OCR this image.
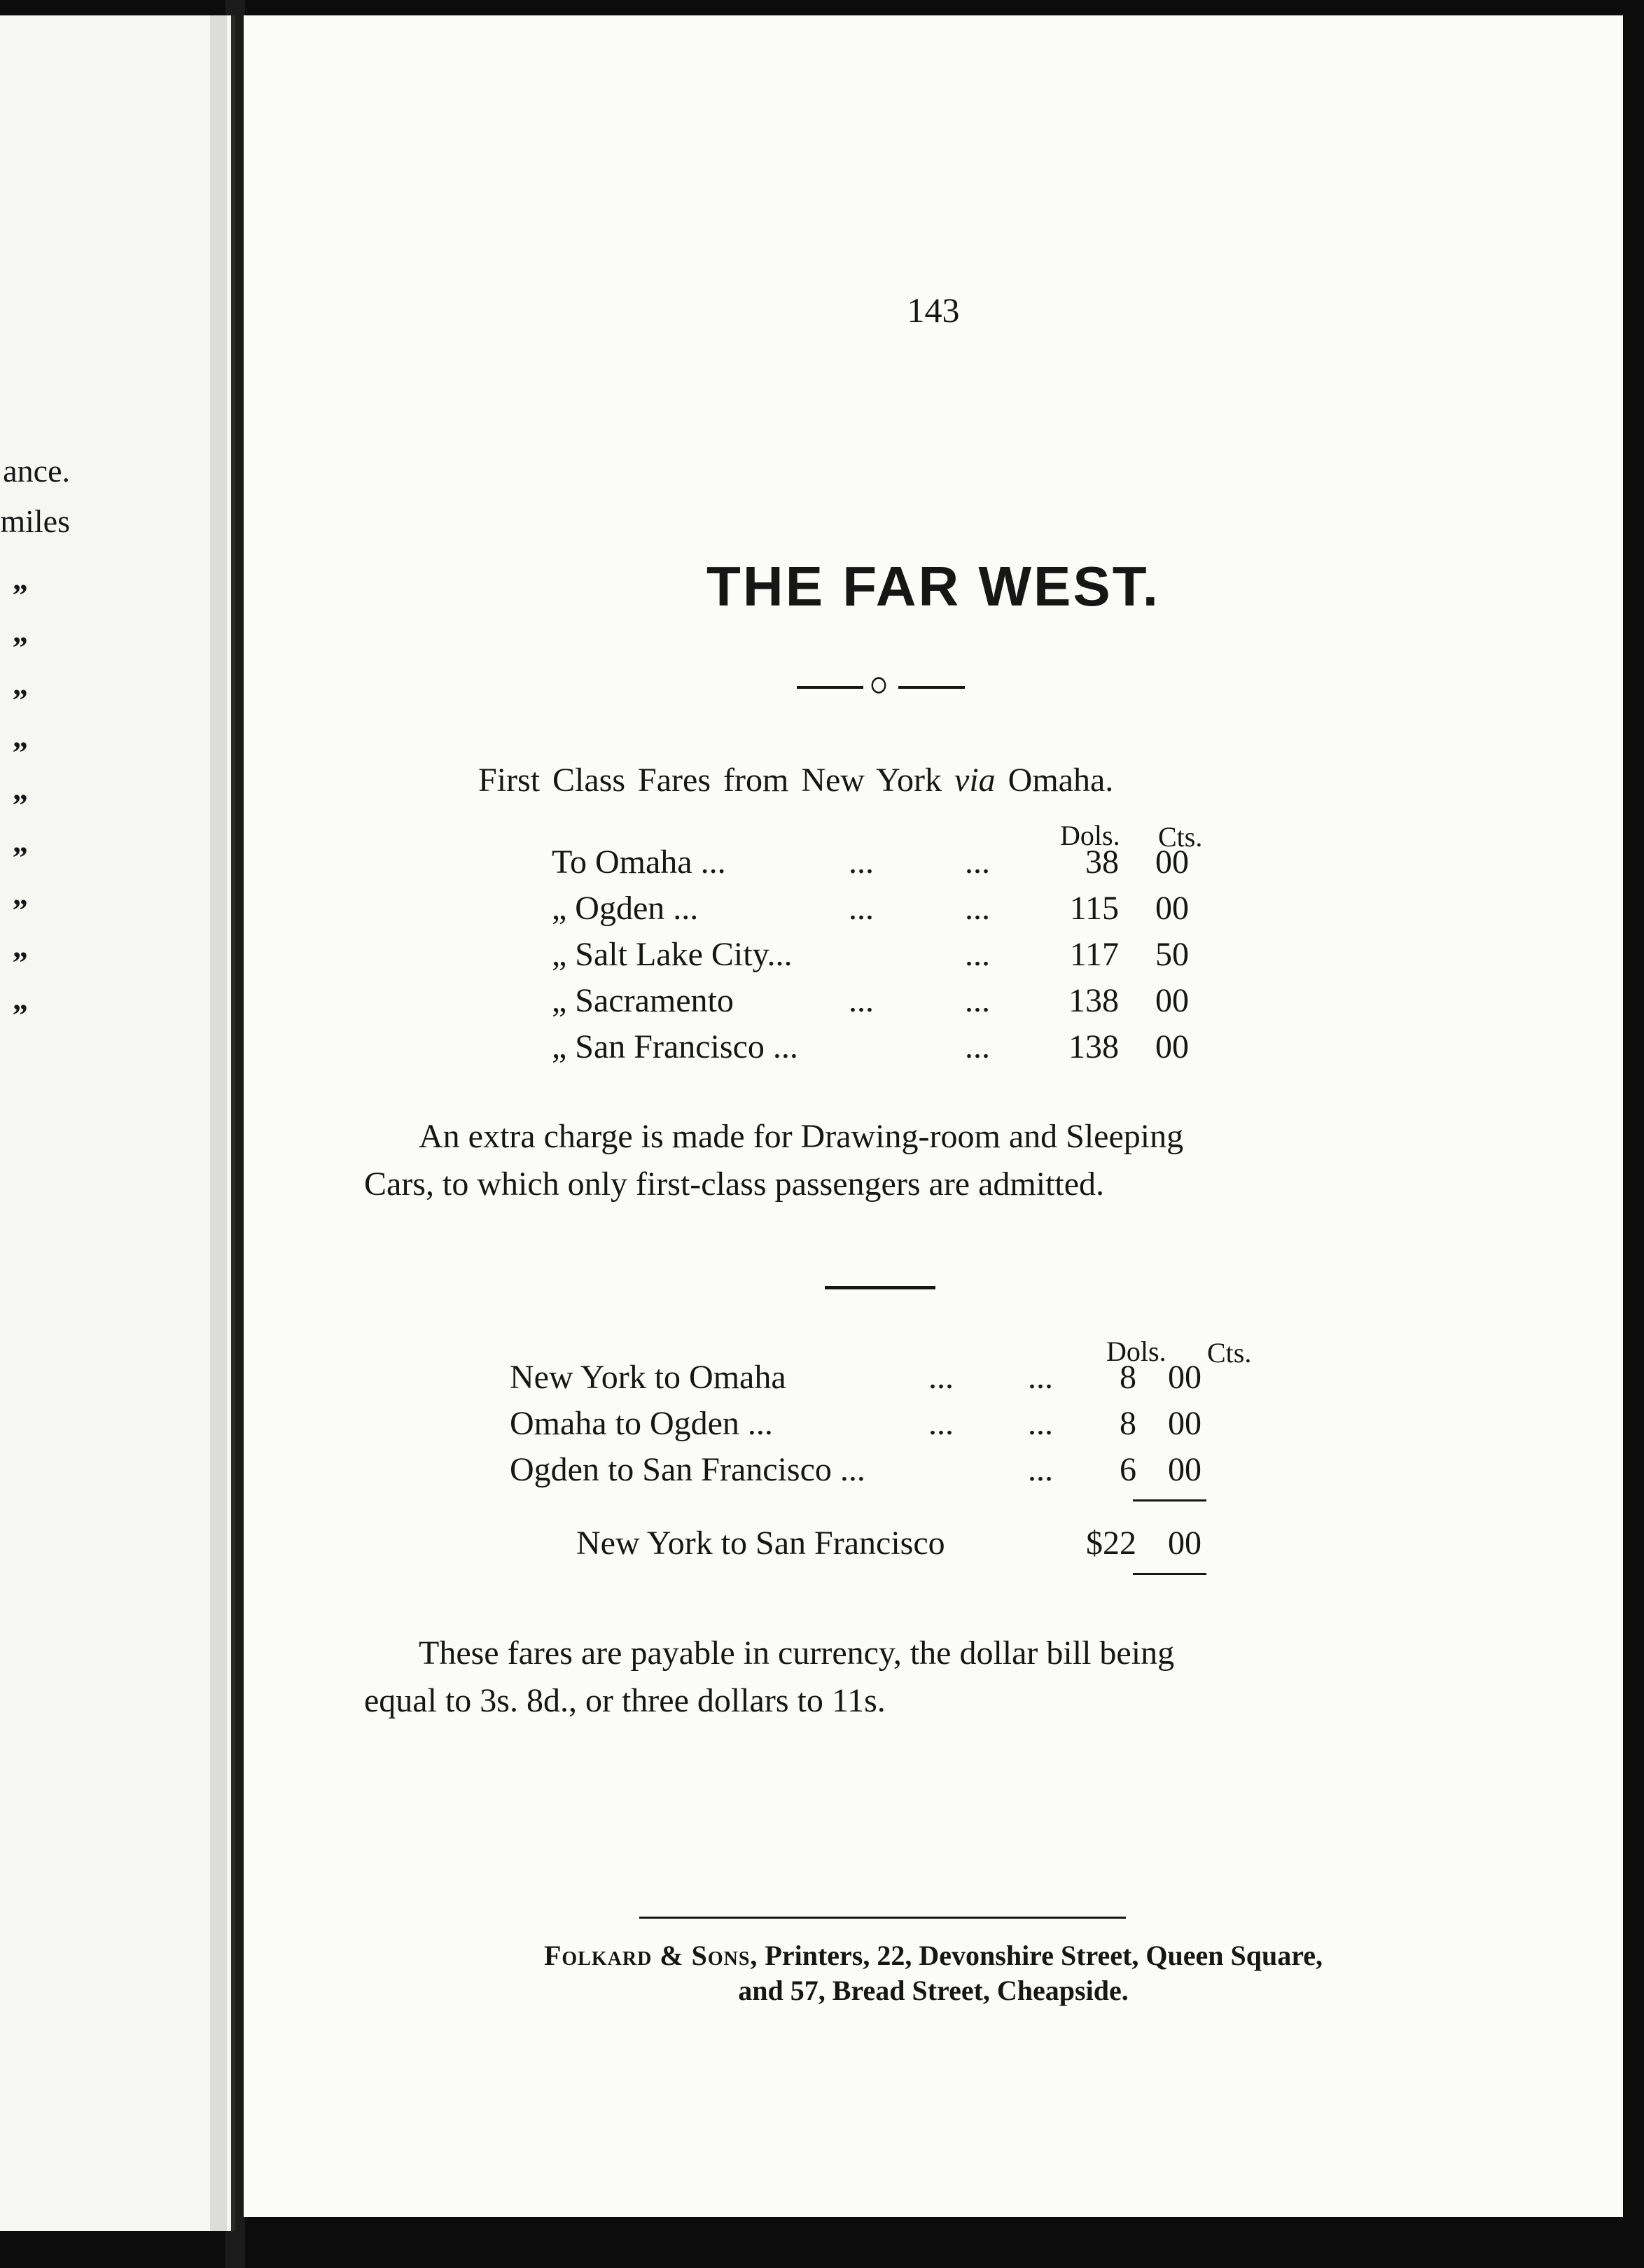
ance.
miles
„
„
„
„
„
„
„
„
„
143
THE FAR WEST.
First Class Fares from New York via Omaha.
Dols. Cts.
To Omaha ...	...	...	38	00
„ Ogden ...	...	...	115	00
„ Salt Lake City...	...	117	50
„ Sacramento	...	...	138	00
„ San Francisco ...	...	138	00
An extra charge is made for Drawing-room and Sleeping
Cars, to which only first-class passengers are admitted.
Dols. Cts.
New York to Omaha	... ...	8 00
Omaha to Ogden ...	... ...	8 00
Ogden to San Francisco ...	...	6 00
New York to San Francisco	$22 00
These fares are payable in currency, the dollar bill being
equal to 3s. 8d., or three dollars to 11s.
Folkard & Sons, Printers, 22, Devonshire Street, Queen Square,
and 57, Bread Street, Cheapside.
